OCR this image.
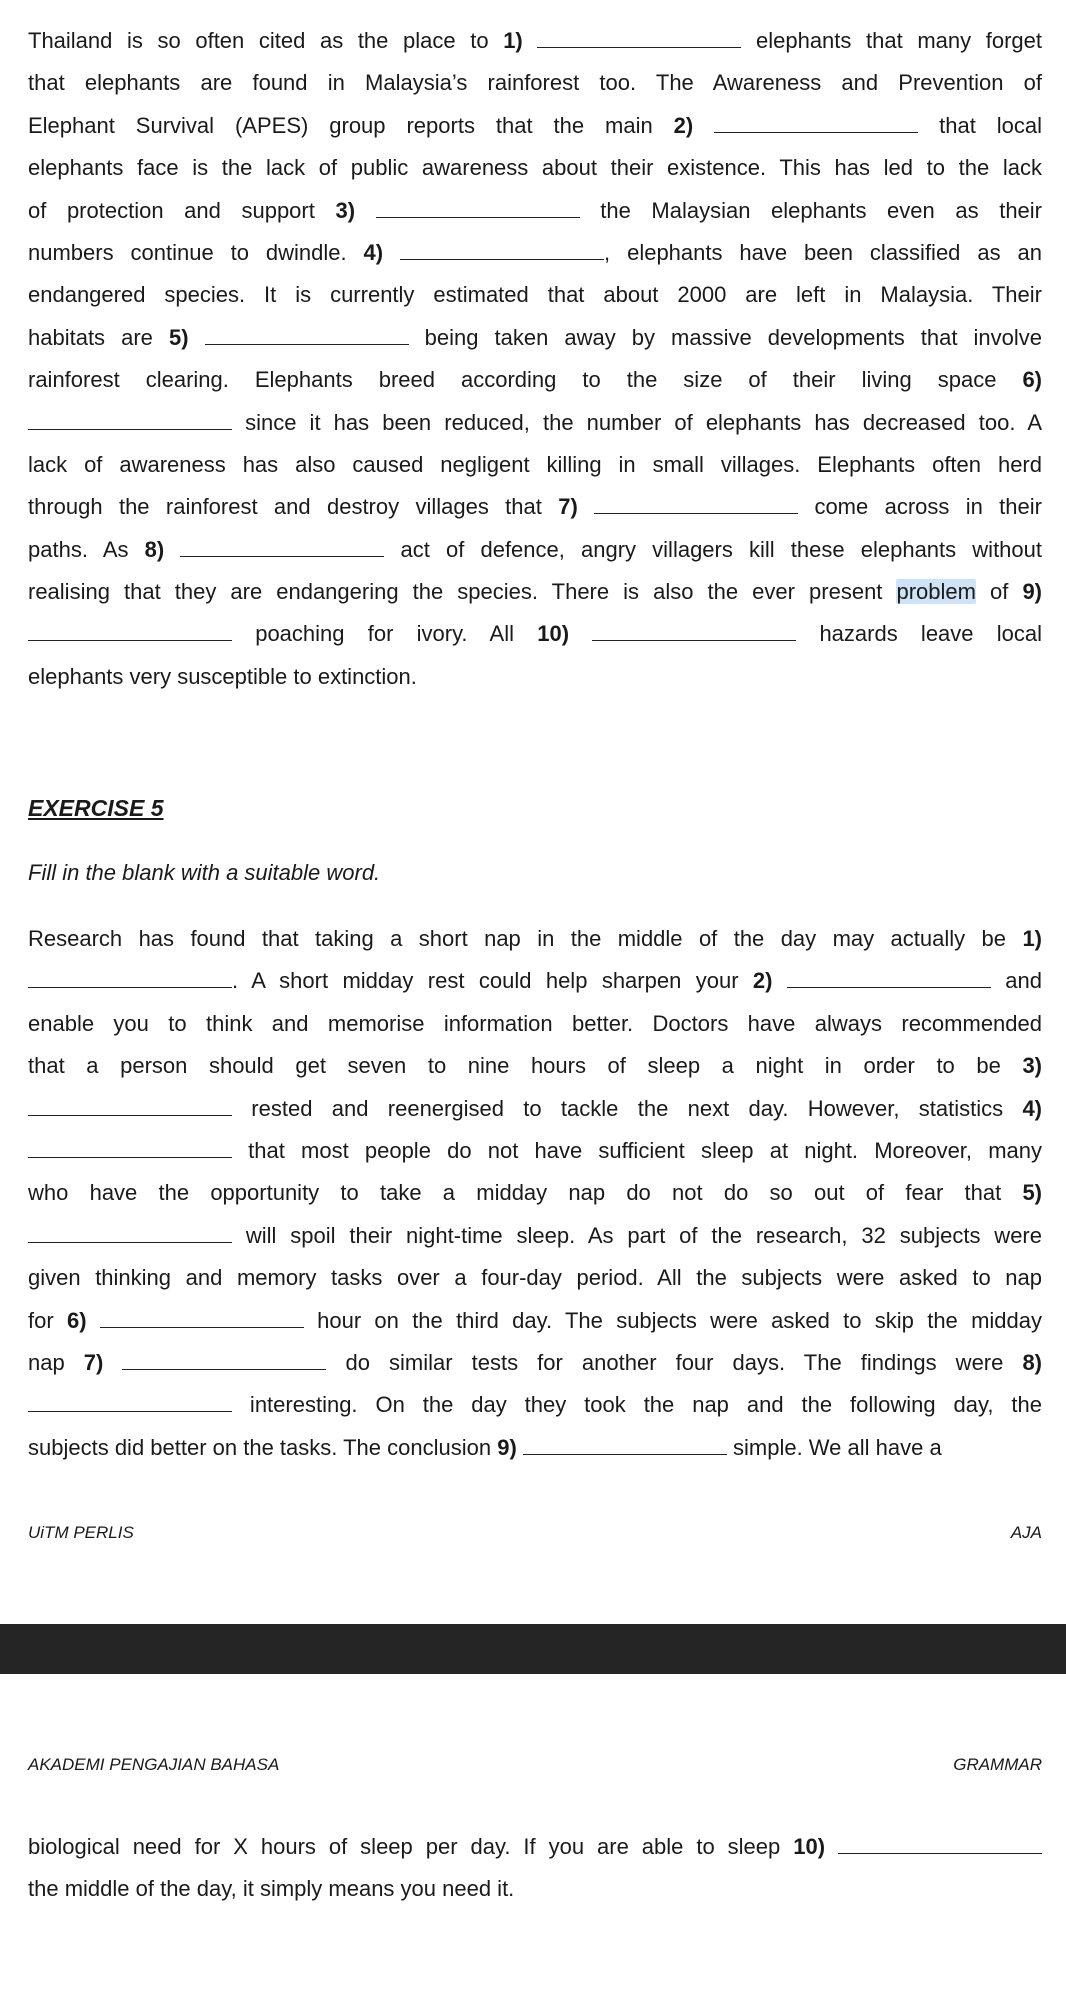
Thailand is so often cited as the place to 1)	elephants that many forget
that elephants are found in Malaysia’s rainforest too. The Awareness and Prevention of
Elephant Survival (APES) group reports that the main 2)	that local
elephants face is the lack of public awareness about their existence. This has led to the lack
of protection and support 3)	the Malaysian elephants even as their
numbers continue to dwindle. 4)	, elephants have been classified as an
endangered species. It is currently estimated that about 2000 are left in Malaysia. Their
habitats are 5)	being taken away by massive developments that involve
rainforest clearing. Elephants breed according to the size of their living space 6)
since it has been reduced, the number of elephants has decreased too. A
lack of awareness has also caused negligent killing in small villages. Elephants often herd
through the rainforest and destroy villages that 7)	come across in their
paths. As 8)	act of defence, angry villagers kill these elephants without
realising that they are endangering the species. There is also the ever present problem of 9)
poaching for ivory. All 10)	hazards leave local
elephants very susceptible to extinction.

EXERCISE 5

Fill in the blank with a suitable word.

Research has found that taking a short nap in the middle of the day may actually be 1)
. A short midday rest could help sharpen your 2)	and
enable you to think and memorise information better. Doctors have always recommended
that a person should get seven to nine hours of sleep a night in order to be 3)
rested and reenergised to tackle the next day. However, statistics 4)
that most people do not have sufficient sleep at night. Moreover, many
who have the opportunity to take a midday nap do not do so out of fear that 5)
will spoil their night-time sleep. As part of the research, 32 subjects were
given thinking and memory tasks over a four-day period. All the subjects were asked to nap
for 6)	hour on the third day. The subjects were asked to skip the midday
nap 7)	do similar tests for another four days. The findings were 8)
interesting. On the day they took the nap and the following day, the
subjects did better on the tasks. The conclusion 9)	simple. We all have a

UiTM PERLIS	AJA
AKADEMI PENGAJIAN BAHASA	GRAMMAR

biological need for X hours of sleep per day. If you are able to sleep 10)
the middle of the day, it simply means you need it.
